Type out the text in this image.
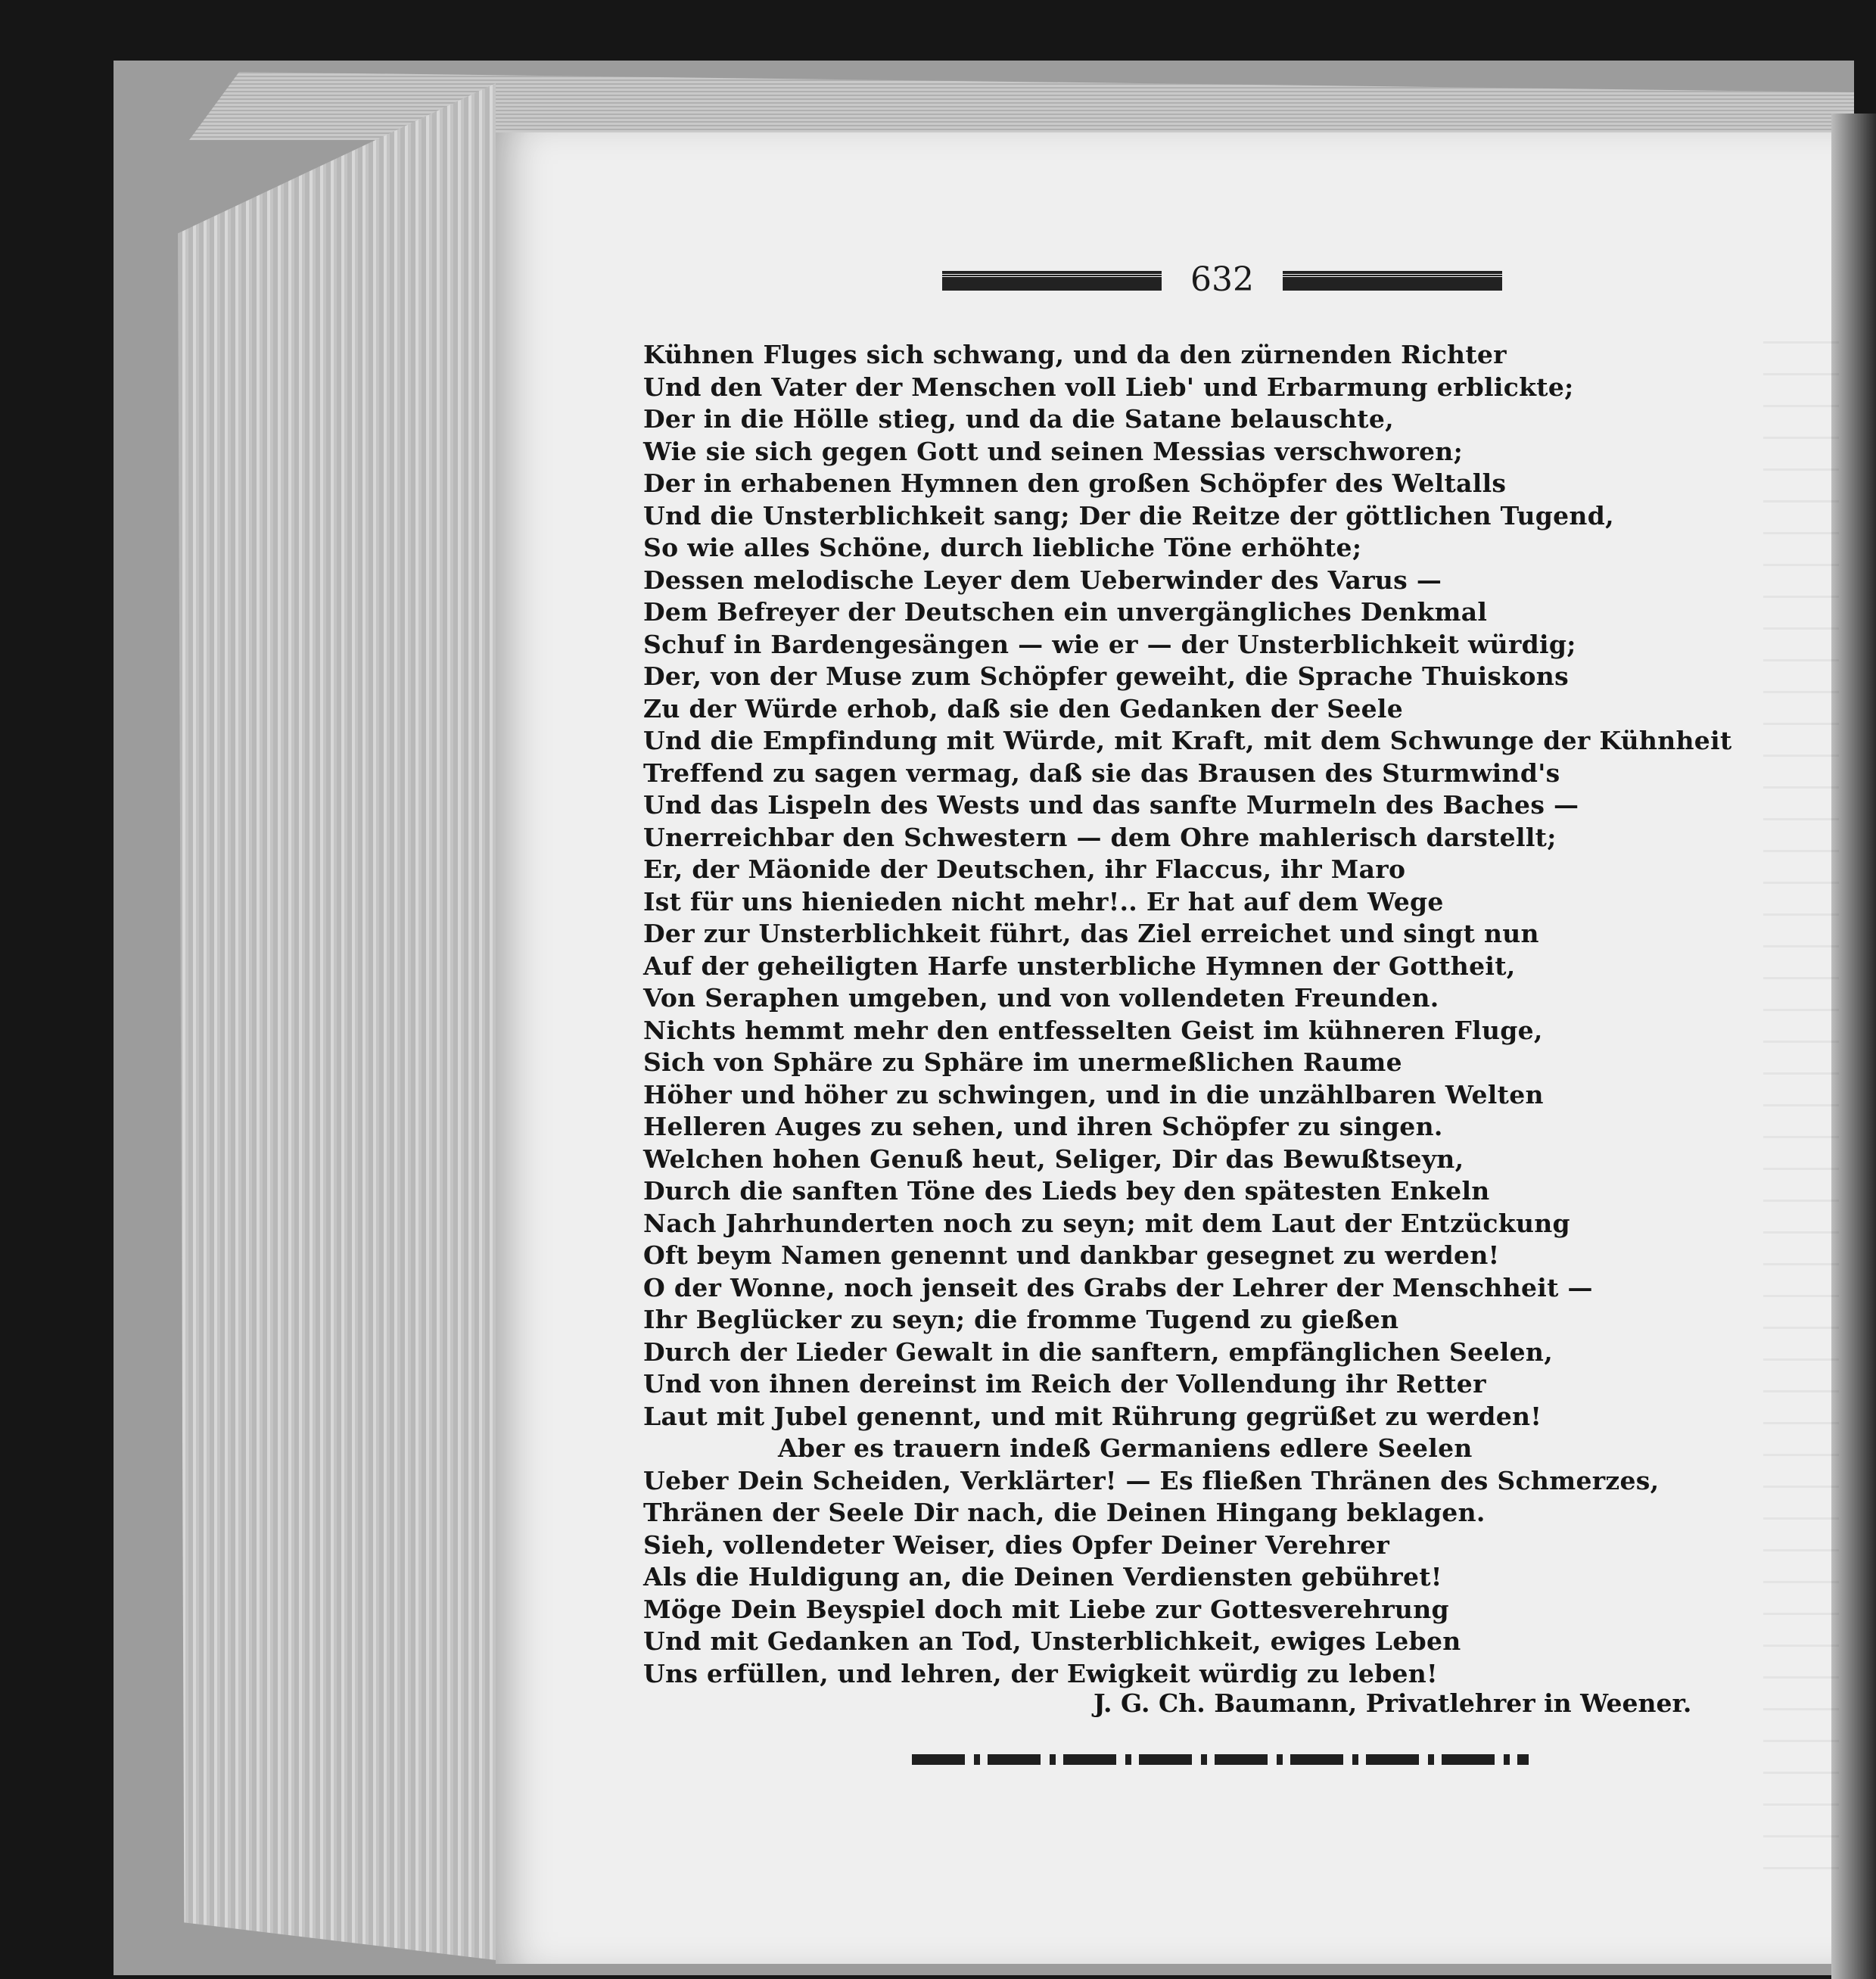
632
Kühnen Fluges sich schwang, und da den zürnenden Richter
Und den Vater der Menschen voll Lieb' und Erbarmung erblickte;
Der in die Hölle stieg, und da die Satane belauschte,
Wie sie sich gegen Gott und seinen Messias verschworen;
Der in erhabenen Hymnen den großen Schöpfer des Weltalls
Und die Unsterblichkeit sang; Der die Reitze der göttlichen Tugend,
So wie alles Schöne, durch liebliche Töne erhöhte;
Dessen melodische Leyer dem Ueberwinder des Varus —
Dem Befreyer der Deutschen ein unvergängliches Denkmal
Schuf in Bardengesängen — wie er — der Unsterblichkeit würdig;
Der, von der Muse zum Schöpfer geweiht, die Sprache Thuiskons
Zu der Würde erhob, daß sie den Gedanken der Seele
Und die Empfindung mit Würde, mit Kraft, mit dem Schwunge der Kühnheit
Treffend zu sagen vermag, daß sie das Brausen des Sturmwind's
Und das Lispeln des Wests und das sanfte Murmeln des Baches —
Unerreichbar den Schwestern — dem Ohre mahlerisch darstellt;
Er, der Mäonide der Deutschen, ihr Flaccus, ihr Maro
Ist für uns hienieden nicht mehr!.. Er hat auf dem Wege
Der zur Unsterblichkeit führt, das Ziel erreichet und singt nun
Auf der geheiligten Harfe unsterbliche Hymnen der Gottheit,
Von Seraphen umgeben, und von vollendeten Freunden.
Nichts hemmt mehr den entfesselten Geist im kühneren Fluge,
Sich von Sphäre zu Sphäre im unermeßlichen Raume
Höher und höher zu schwingen, und in die unzählbaren Welten
Helleren Auges zu sehen, und ihren Schöpfer zu singen.
Welchen hohen Genuß heut, Seliger, Dir das Bewußtseyn,
Durch die sanften Töne des Lieds bey den spätesten Enkeln
Nach Jahrhunderten noch zu seyn; mit dem Laut der Entzückung
Oft beym Namen genennt und dankbar gesegnet zu werden!
O der Wonne, noch jenseit des Grabs der Lehrer der Menschheit —
Ihr Beglücker zu seyn; die fromme Tugend zu gießen
Durch der Lieder Gewalt in die sanftern, empfänglichen Seelen,
Und von ihnen dereinst im Reich der Vollendung ihr Retter
Laut mit Jubel genennt, und mit Rührung gegrüßet zu werden!
Aber es trauern indeß Germaniens edlere Seelen
Ueber Dein Scheiden, Verklärter! — Es fließen Thränen des Schmerzes,
Thränen der Seele Dir nach, die Deinen Hingang beklagen.
Sieh, vollendeter Weiser, dies Opfer Deiner Verehrer
Als die Huldigung an, die Deinen Verdiensten gebühret!
Möge Dein Beyspiel doch mit Liebe zur Gottesverehrung
Und mit Gedanken an Tod, Unsterblichkeit, ewiges Leben
Uns erfüllen, und lehren, der Ewigkeit würdig zu leben!
J. G. Ch. Baumann, Privatlehrer in Weener.
